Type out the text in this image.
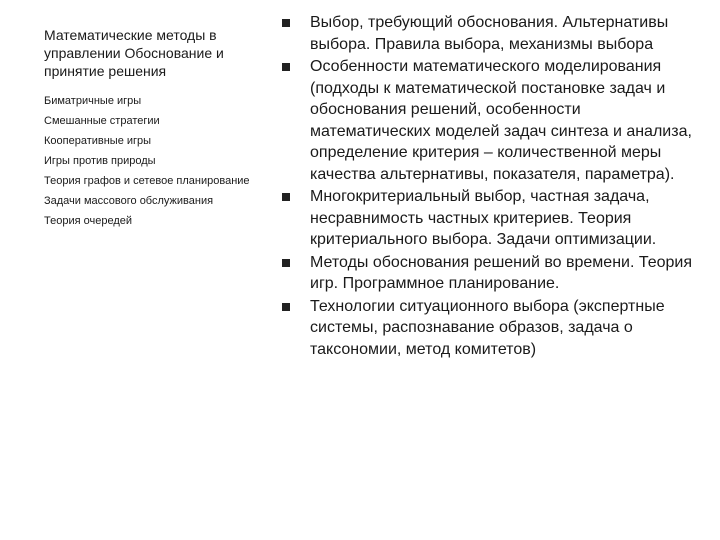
Математические методы в управлении Обоснование и принятие решения
Биматричные игры
Смешанные стратегии
Кооперативные игры
Игры против природы
Теория графов и сетевое планирование
Задачи массового обслуживания
Теория очередей
Выбор, требующий обоснования. Альтернативы выбора. Правила выбора, механизмы выбора
Особенности математического моделирования (подходы к математической постановке задач и обоснования решений, особенности математических моделей задач синтеза и анализа, определение критерия – количественной меры качества альтернативы, показателя, параметра).
Многокритериальный выбор, частная задача, несравнимость частных критериев. Теория критериального выбора. Задачи оптимизации.
Методы обоснования решений во времени. Теория игр. Программное планирование.
Технологии ситуационного выбора (экспертные системы, распознавание образов, задача о таксономии, метод комитетов)
